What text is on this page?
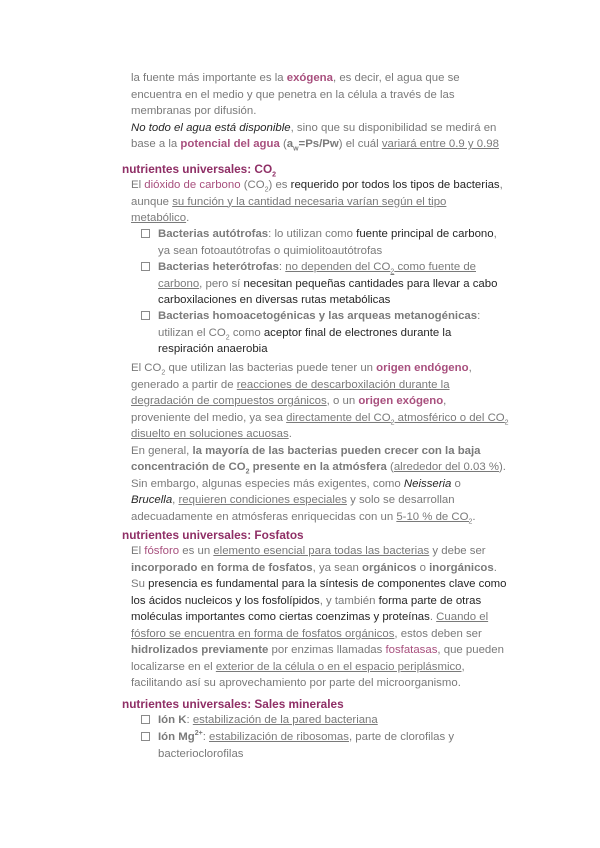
la fuente más importante es la exógena, es decir, el agua que se

encuentra en el medio y que penetra en la célula a través de las

membranas por difusión.

No todo el agua está disponible, sino que su disponibilidad se medirá en

base a la potencial del agua $(a_w=Ps/Pw)$ el cuál variará entre 0.9 y 0.98

nutrientes universales: $CO_2$

El dióxido de carbono $(CO_2)$ es requerido por todos los tipos de bacterias,

aunque su función y la cantidad necesaria varían según el tipo

metabólico.

Bacterias autótrofas: lo utilizan como fuente principal de carbono,

ya sean fotoautótrofas o quimiolitoautótrofas

Bacterias heterótrofas: no dependen del $CO_2$ como fuente de

carbono, pero sí necesitan pequeñas cantidades para llevar a cabo

carboxilaciones en diversas rutas metabólicas

Bacterias homoacetogénicas y las arqueas metanogénicas:

utilizan el $CO_2$ como aceptor final de electrones durante la

respiración anaerobia

El $CO_2$ que utilizan las bacterias puede tener un origen endógeno,

generado a partir de reacciones de descarboxilación durante la

degradación de compuestos orgánicos, o un origen exógeno,

proveniente del medio, ya sea directamente del $CO_2$ atmosférico o del $CO_2$

disuelto en soluciones acuosas.

En general, la mayoría de las bacterias pueden crecer con la baja

concentración de $CO_2$ presente en la atmósfera (alrededor del 0.03 %).

Sin embargo, algunas especies más exigentes, como Neisseria o

Brucella, requieren condiciones especiales y solo se desarrollan

adecuadamente en atmósferas enriquecidas con un 5-10 % de $CO_2$.

nutrientes universales: Fosfatos

El fósforo es un elemento esencial para todas las bacterias y debe ser

incorporado en forma de fosfatos, ya sean orgánicos o inorgánicos.

Su presencia es fundamental para la síntesis de componentes clave como

los ácidos nucleicos y los fosfolípidos, y también forma parte de otras

moléculas importantes como ciertas coenzimas y proteínas. Cuando el

fósforo se encuentra en forma de fosfatos orgánicos, estos deben ser

hidrolizados previamente por enzimas llamadas fosfatasas, que pueden

localizarse en el exterior de la célula o en el espacio periplásmico,

facilitando así su aprovechamiento por parte del microorganismo.

nutrientes universales: Sales minerales

Ión K: estabilización de la pared bacteriana

Ión $Mg^{2+}$: estabilización de ribosomas, parte de clorofilas y

bacterioclorofilas
